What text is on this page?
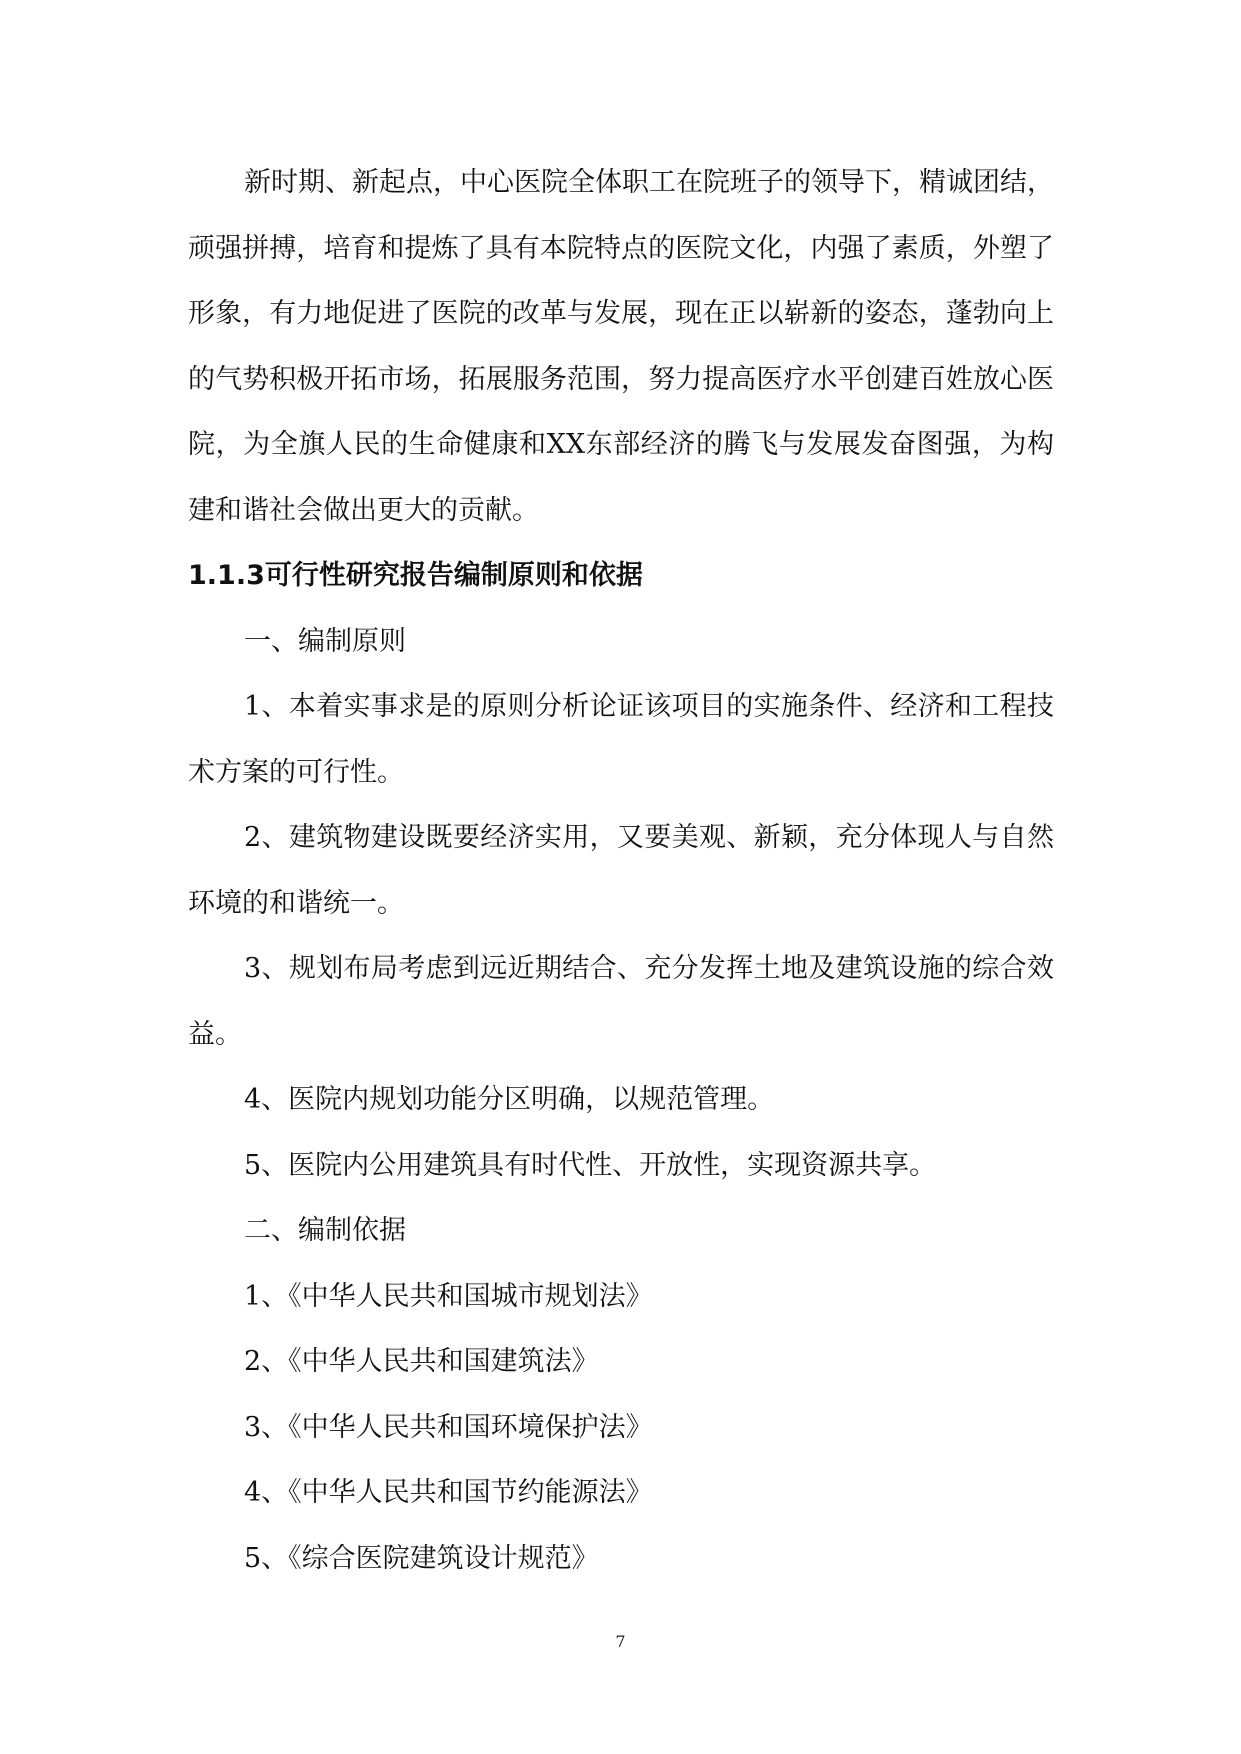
新时期、新起点，中心医院全体职工在院班子的领导下，精诚团结，顽强拼搏，培育和提炼了具有本院特点的医院文化，内强了素质，外塑了形象，有力地促进了医院的改革与发展，现在正以崭新的姿态，蓬勃向上的气势积极开拓市场，拓展服务范围，努力提高医疗水平创建百姓放心医院，为全旗人民的生命健康和XX东部经济的腾飞与发展发奋图强，为构建和谐社会做出更大的贡献。

1.1.3可行性研究报告编制原则和依据

一、编制原则

1、本着实事求是的原则分析论证该项目的实施条件、经济和工程技术方案的可行性。

2、建筑物建设既要经济实用，又要美观、新颖，充分体现人与自然环境的和谐统一。

3、规划布局考虑到远近期结合、充分发挥土地及建筑设施的综合效益。

4、医院内规划功能分区明确，以规范管理。

5、医院内公用建筑具有时代性、开放性，实现资源共享。

二、编制依据

1、《中华人民共和国城市规划法》

2、《中华人民共和国建筑法》

3、《中华人民共和国环境保护法》

4、《中华人民共和国节约能源法》

5、《综合医院建筑设计规范》

7
